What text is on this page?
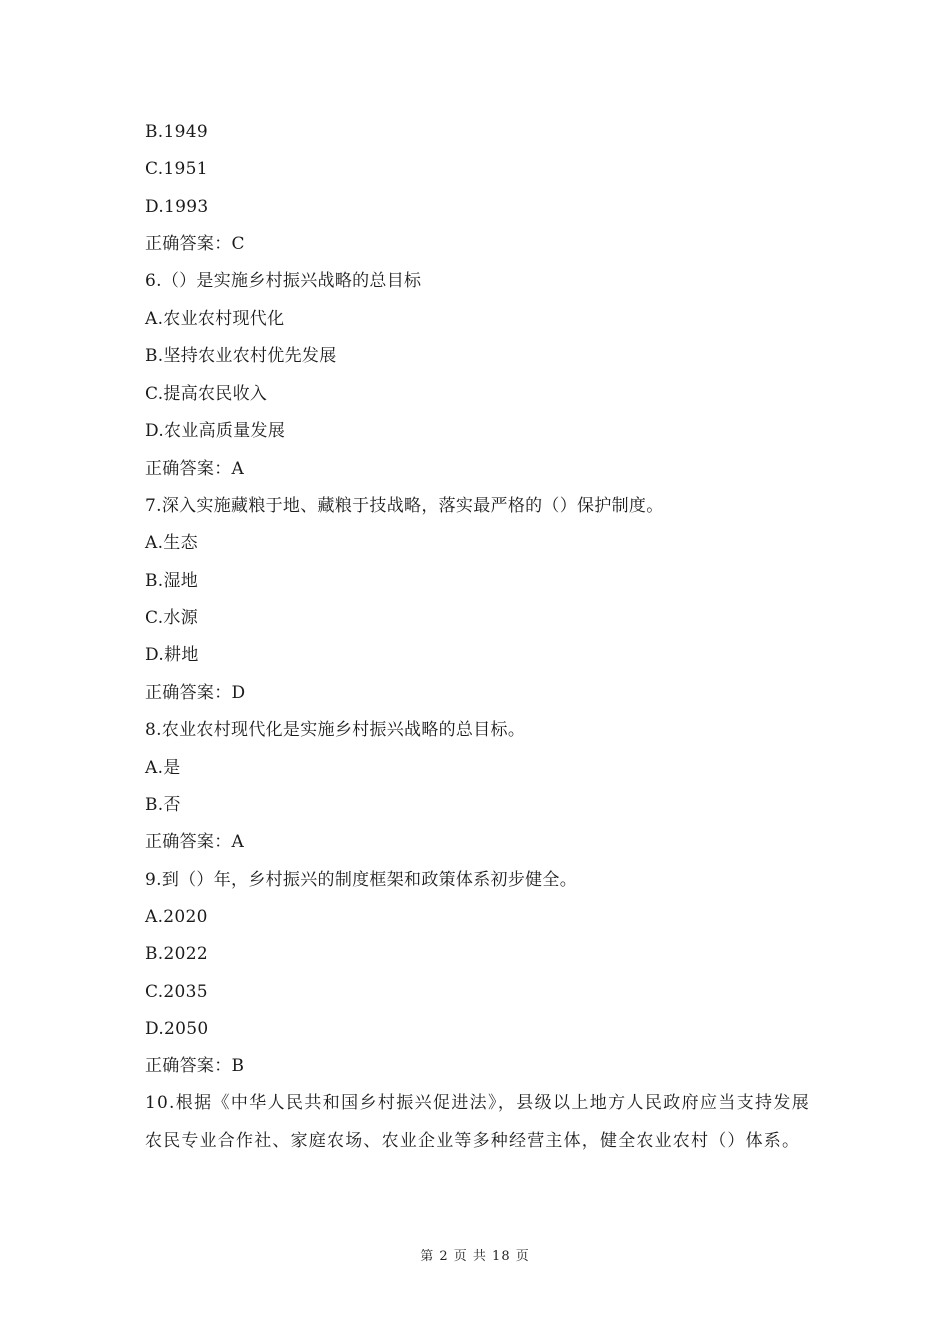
B.1949
C.1951
D.1993
正确答案：C
6.（）是实施乡村振兴战略的总目标
A.农业农村现代化
B.坚持农业农村优先发展
C.提高农民收入
D.农业高质量发展
正确答案：A
7.深入实施藏粮于地、藏粮于技战略，落实最严格的（）保护制度。
A.生态
B.湿地
C.水源
D.耕地
正确答案：D
8.农业农村现代化是实施乡村振兴战略的总目标。
A.是
B.否
正确答案：A
9.到（）年，乡村振兴的制度框架和政策体系初步健全。
A.2020
B.2022
C.2035
D.2050
正确答案：B
10.根据《中华人民共和国乡村振兴促进法》，县级以上地方人民政府应当支持发展农民专业合作社、家庭农场、农业企业等多种经营主体，健全农业农村（）体系。
第 2 页 共 18 页
